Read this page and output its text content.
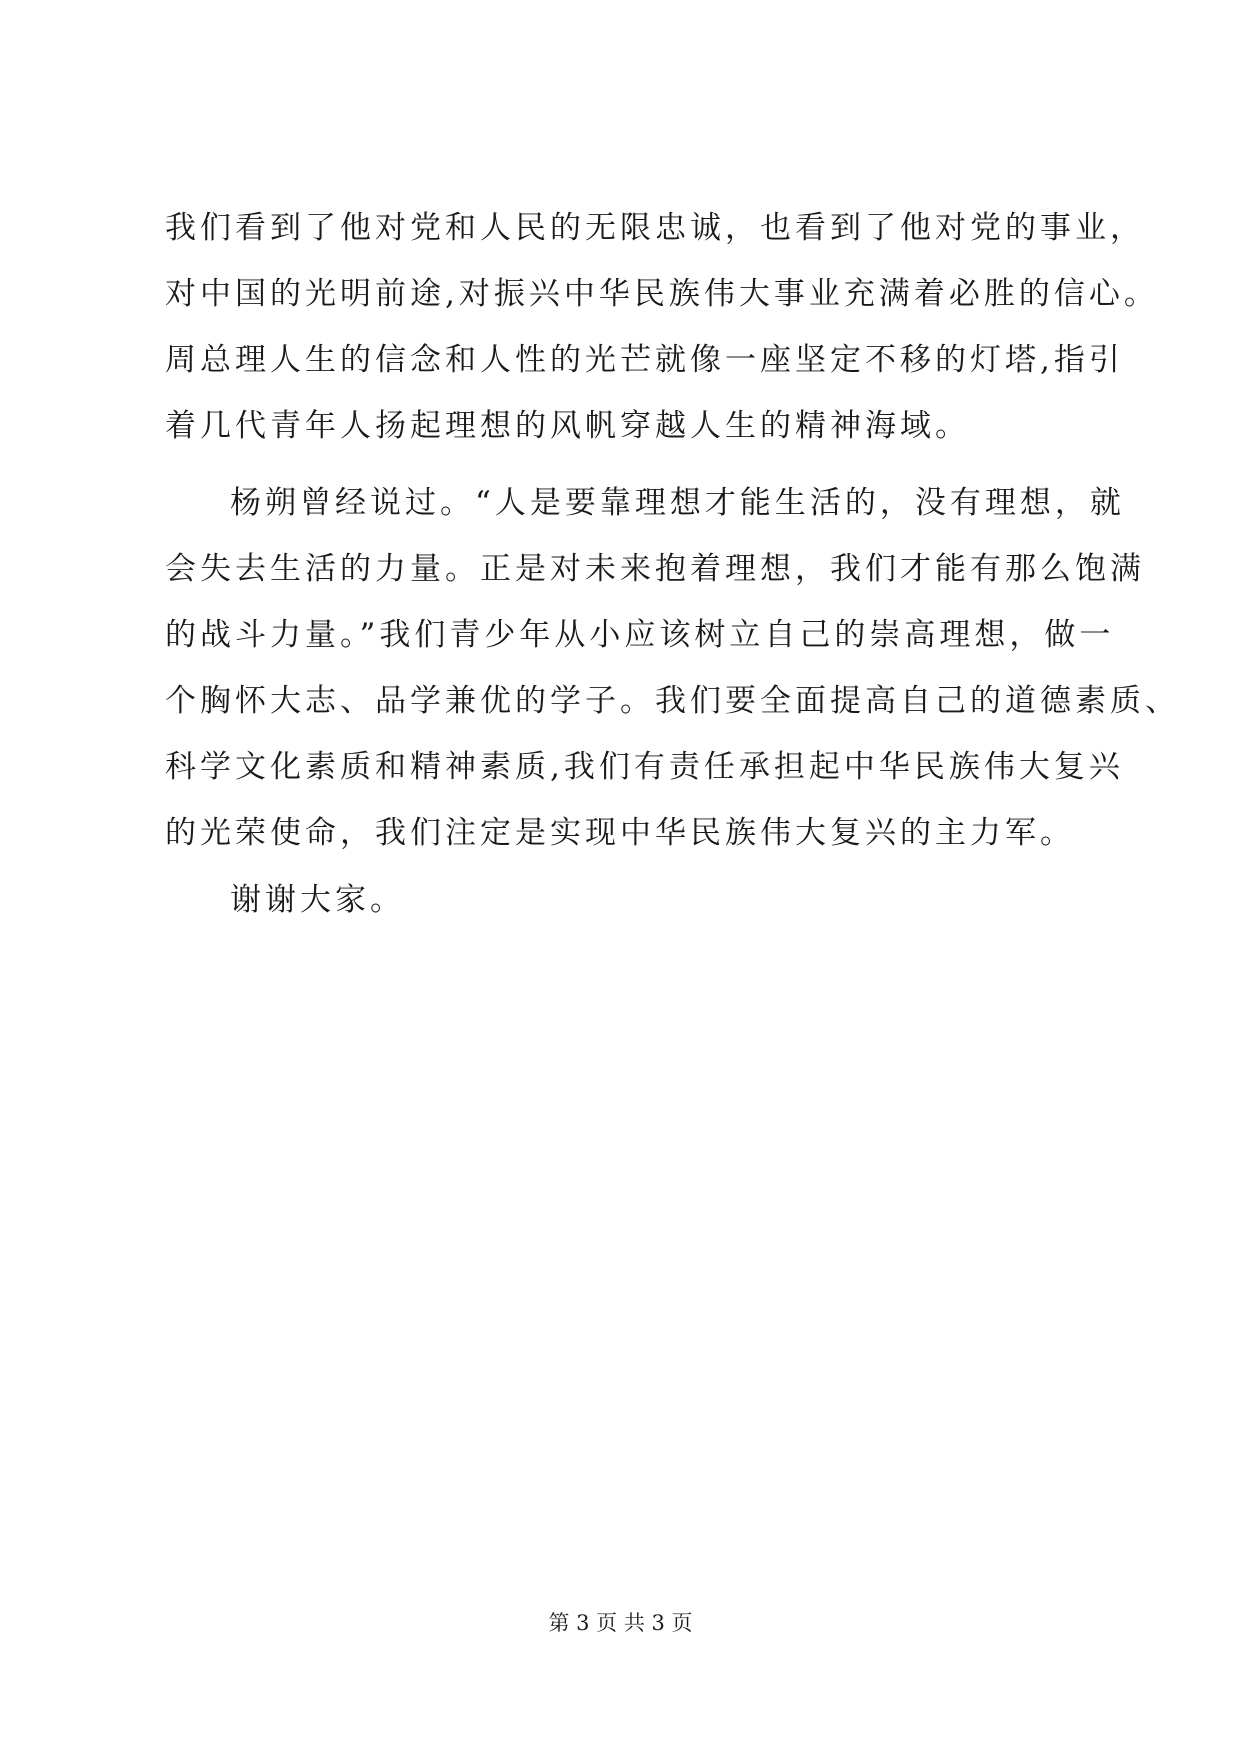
我们看到了他对党和人民的无限忠诚，也看到了他对党的事业，
对中国的光明前途,对振兴中华民族伟大事业充满着必胜的信心。
周总理人生的信念和人性的光芒就像一座坚定不移的灯塔,指引
着几代青年人扬起理想的风帆穿越人生的精神海域。
杨朔曾经说过。“人是要靠理想才能生活的，没有理想，就
会失去生活的力量。正是对未来抱着理想，我们才能有那么饱满
的战斗力量。”我们青少年从小应该树立自己的崇高理想，做一
个胸怀大志、品学兼优的学子。我们要全面提高自己的道德素质、
科学文化素质和精神素质,我们有责任承担起中华民族伟大复兴
的光荣使命，我们注定是实现中华民族伟大复兴的主力军。
谢谢大家。
第 3 页 共 3 页
